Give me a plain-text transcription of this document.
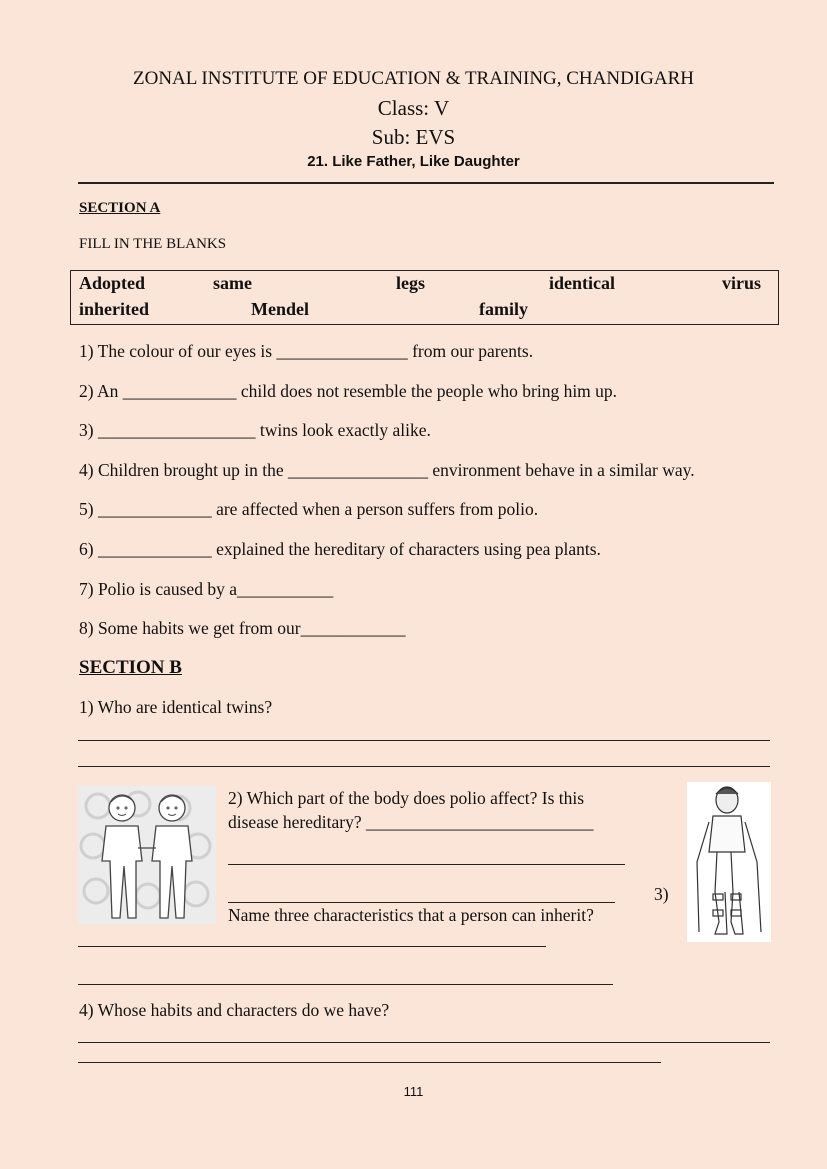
ZONAL INSTITUTE OF EDUCATION & TRAINING, CHANDIGARH
Class: V
Sub: EVS
21. Like Father, Like Daughter
SECTION A
FILL IN THE BLANKS
Adopted	same	legs	identical	virus
inherited	Mendel	family
1) The colour of our eyes is _______________ from our parents.
2) An _____________ child does not resemble the people who bring him up.
3) __________________ twins look exactly alike.
4) Children brought up in the ________________ environment behave in a similar way.
5) _____________ are affected when a person suffers from polio.
6) _____________ explained the hereditary of characters using pea plants.
7) Polio is caused by a___________
8) Some habits we get from our____________
SECTION B
1) Who are identical twins?
2) Which part of the body does polio affect? Is this
disease hereditary? __________________________
3)
Name three characteristics that a person can inherit?
4) Whose habits and characters do we have?
111
